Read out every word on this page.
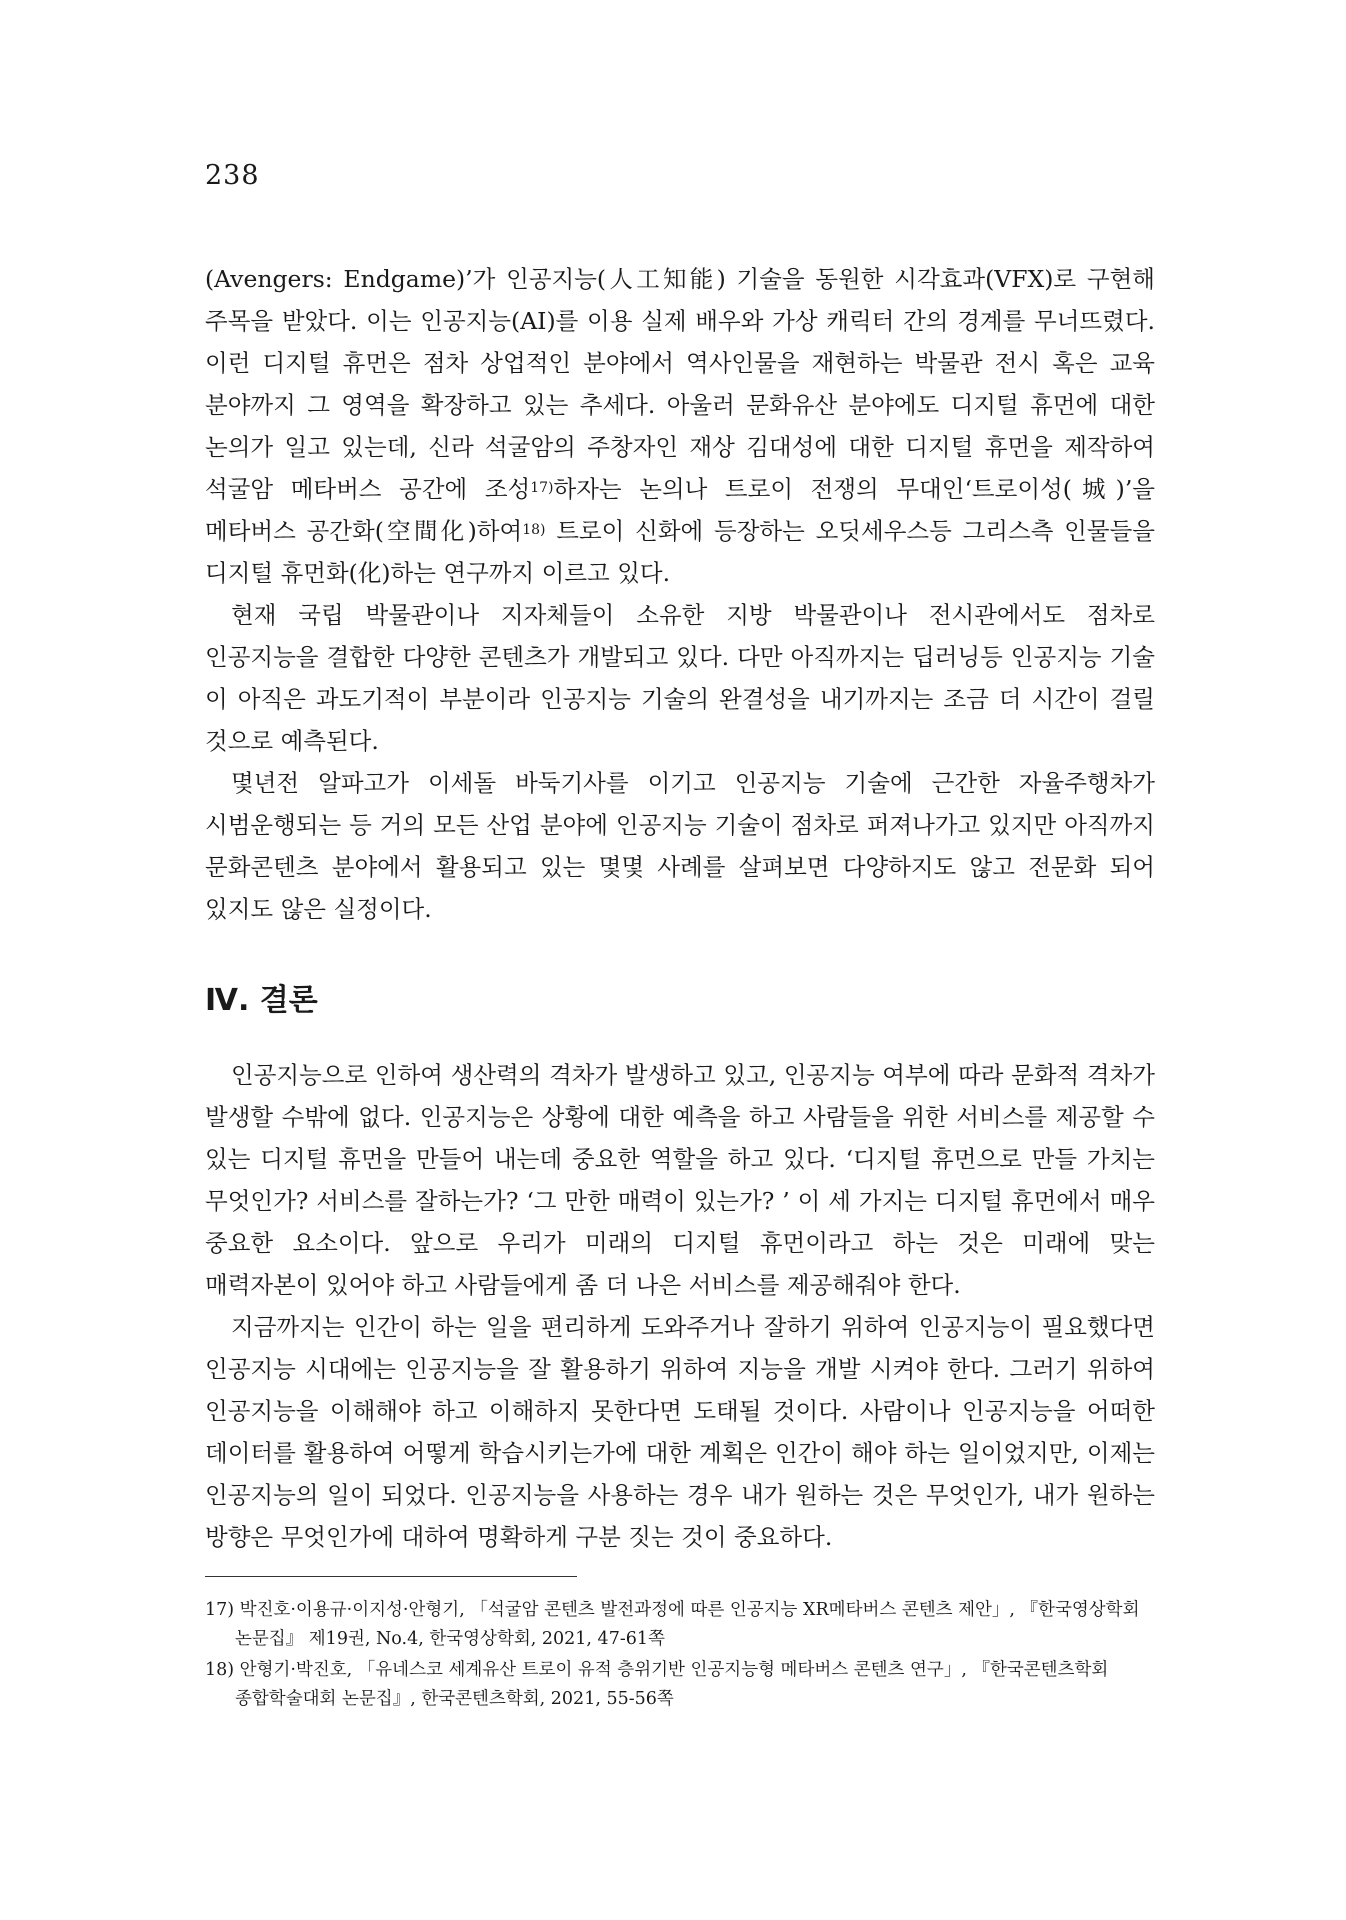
238

(Avengers: Endgame)’가 인공지능(人工知能) 기술을 동원한 시각효과(VFX)로 구현해 주목을 받았다. 이는 인공지능(AI)를 이용 실제 배우와 가상 캐릭터 간의 경계를 무너뜨렸다. 이런 디지털 휴먼은 점차 상업적인 분야에서 역사인물을 재현하는 박물관 전시 혹은 교육 분야까지 그 영역을 확장하고 있는 추세다. 아울러 문화유산 분야에도 디지털 휴먼에 대한 논의가 일고 있는데, 신라 석굴암의 주창자인 재상 김대성에 대한 디지털 휴먼을 제작하여 석굴암 메타버스 공간에 조성$^{17)}$하자는 논의나 트로이 전쟁의 무대인‘트로이성(城)’을 메타버스 공간화(空間化)하여$^{18)}$ 트로이 신화에 등장하는 오딧세우스등 그리스측 인물들을 디지털 휴먼화(化)하는 연구까지 이르고 있다.

현재 국립 박물관이나 지자체들이 소유한 지방 박물관이나 전시관에서도 점차로 인공지능을 결합한 다양한 콘텐츠가 개발되고 있다. 다만 아직까지는 딥러닝등 인공지능 기술 이 아직은 과도기적이 부분이라 인공지능 기술의 완결성을 내기까지는 조금 더 시간이 걸릴 것으로 예측된다.

몇년전 알파고가 이세돌 바둑기사를 이기고 인공지능 기술에 근간한 자율주행차가 시범운행되는 등 거의 모든 산업 분야에 인공지능 기술이 점차로 퍼져나가고 있지만 아직까지 문화콘텐츠 분야에서 활용되고 있는 몇몇 사례를 살펴보면 다양하지도 않고 전문화 되어 있지도 않은 실정이다.

Ⅳ. 결론

인공지능으로 인하여 생산력의 격차가 발생하고 있고, 인공지능 여부에 따라 문화적 격차가 발생할 수밖에 없다. 인공지능은 상황에 대한 예측을 하고 사람들을 위한 서비스를 제공할 수 있는 디지털 휴먼을 만들어 내는데 중요한 역할을 하고 있다. ‘디지털 휴먼으로 만들 가치는 무엇인가? 서비스를 잘하는가? ‘그 만한 매력이 있는가? ’ 이 세 가지는 디지털 휴먼에서 매우 중요한 요소이다. 앞으로 우리가 미래의 디지털 휴먼이라고 하는 것은 미래에 맞는 매력자본이 있어야 하고 사람들에게 좀 더 나은 서비스를 제공해줘야 한다.

지금까지는 인간이 하는 일을 편리하게 도와주거나 잘하기 위하여 인공지능이 필요했다면 인공지능 시대에는 인공지능을 잘 활용하기 위하여 지능을 개발 시켜야 한다. 그러기 위하여 인공지능을 이해해야 하고 이해하지 못한다면 도태될 것이다. 사람이나 인공지능을 어떠한 데이터를 활용하여 어떻게 학습시키는가에 대한 계획은 인간이 해야 하는 일이었지만, 이제는 인공지능의 일이 되었다. 인공지능을 사용하는 경우 내가 원하는 것은 무엇인가, 내가 원하는 방향은 무엇인가에 대하여 명확하게 구분 짓는 것이 중요하다.

17) 박진호·이용규·이지성·안형기, 「석굴암 콘텐츠 발전과정에 따른 인공지능 XR메타버스 콘텐츠 제안」, 『한국영상학회 논문집』 제19권, No.4, 한국영상학회, 2021, 47-61쪽

18) 안형기·박진호, 「유네스코 세계유산 트로이 유적 층위기반 인공지능형 메타버스 콘텐츠 연구」, 『한국콘텐츠학회 종합학술대회 논문집』, 한국콘텐츠학회, 2021, 55-56쪽
